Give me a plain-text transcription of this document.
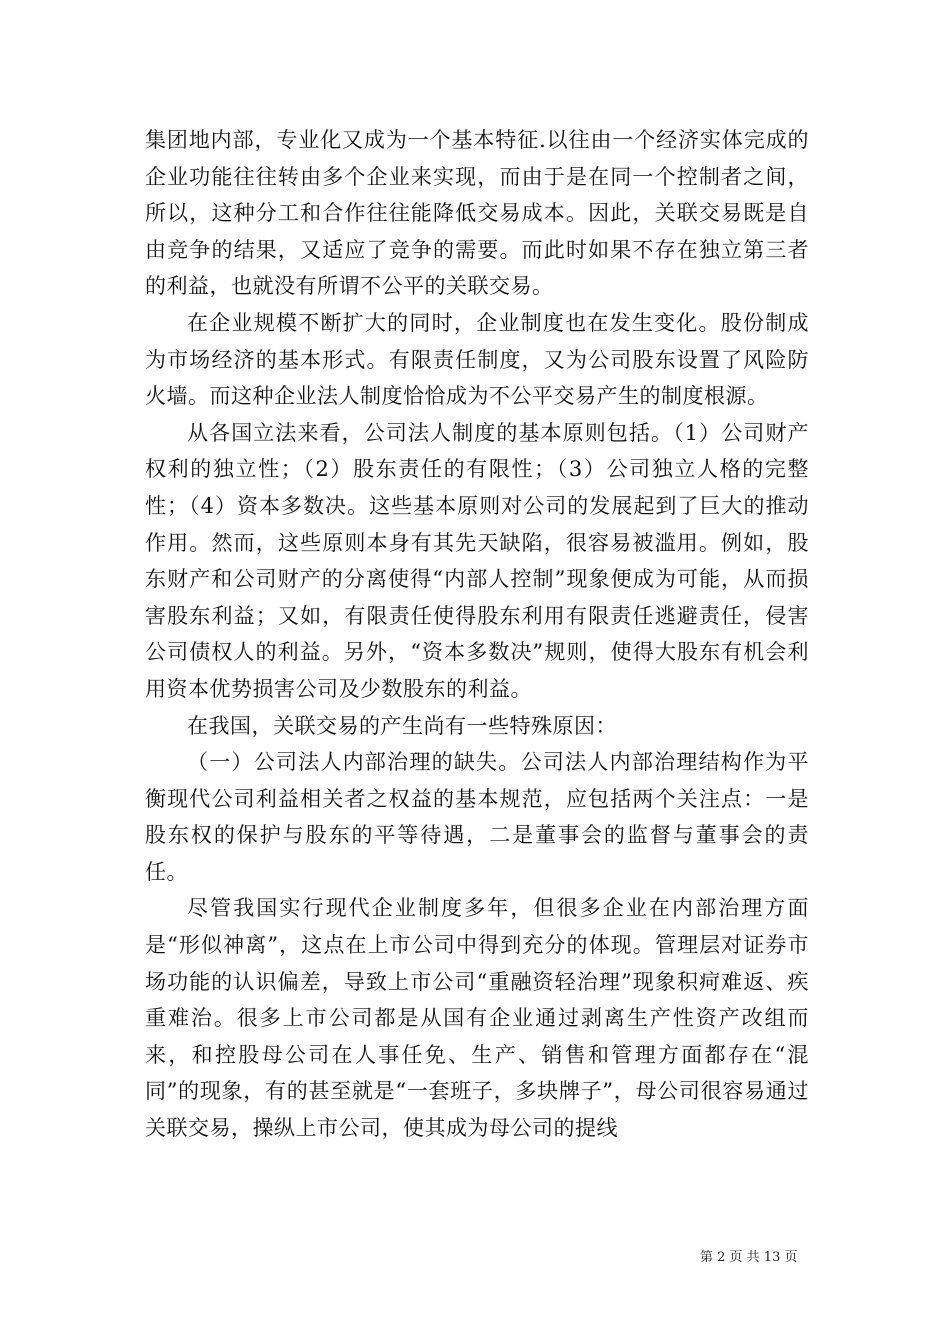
集团地内部，专业化又成为一个基本特征.以往由一个经济实体完成的企业功能往往转由多个企业来实现，而由于是在同一个控制者之间，所以，这种分工和合作往往能降低交易成本。因此，关联交易既是自由竞争的结果，又适应了竞争的需要。而此时如果不存在独立第三者的利益，也就没有所谓不公平的关联交易。

在企业规模不断扩大的同时，企业制度也在发生变化。股份制成为市场经济的基本形式。有限责任制度，又为公司股东设置了风险防火墙。而这种企业法人制度恰恰成为不公平交易产生的制度根源。

从各国立法来看，公司法人制度的基本原则包括。（1）公司财产权利的独立性；（2）股东责任的有限性；（3）公司独立人格的完整性；（4）资本多数决。这些基本原则对公司的发展起到了巨大的推动作用。然而，这些原则本身有其先天缺陷，很容易被滥用。例如，股东财产和公司财产的分离使得“内部人控制”现象便成为可能，从而损害股东利益；又如，有限责任使得股东利用有限责任逃避责任，侵害公司债权人的利益。另外，“资本多数决”规则，使得大股东有机会利用资本优势损害公司及少数股东的利益。

在我国，关联交易的产生尚有一些特殊原因：

（一）公司法人内部治理的缺失。公司法人内部治理结构作为平衡现代公司利益相关者之权益的基本规范，应包括两个关注点：一是股东权的保护与股东的平等待遇，二是董事会的监督与董事会的责任。

尽管我国实行现代企业制度多年，但很多企业在内部治理方面是“形似神离”，这点在上市公司中得到充分的体现。管理层对证券市场功能的认识偏差，导致上市公司“重融资轻治理”现象积疴难返、疾重难治。很多上市公司都是从国有企业通过剥离生产性资产改组而来，和控股母公司在人事任免、生产、销售和管理方面都存在“混同”的现象，有的甚至就是“一套班子，多块牌子”，母公司很容易通过关联交易，操纵上市公司，使其成为母公司的提线

第 2 页 共 13 页
